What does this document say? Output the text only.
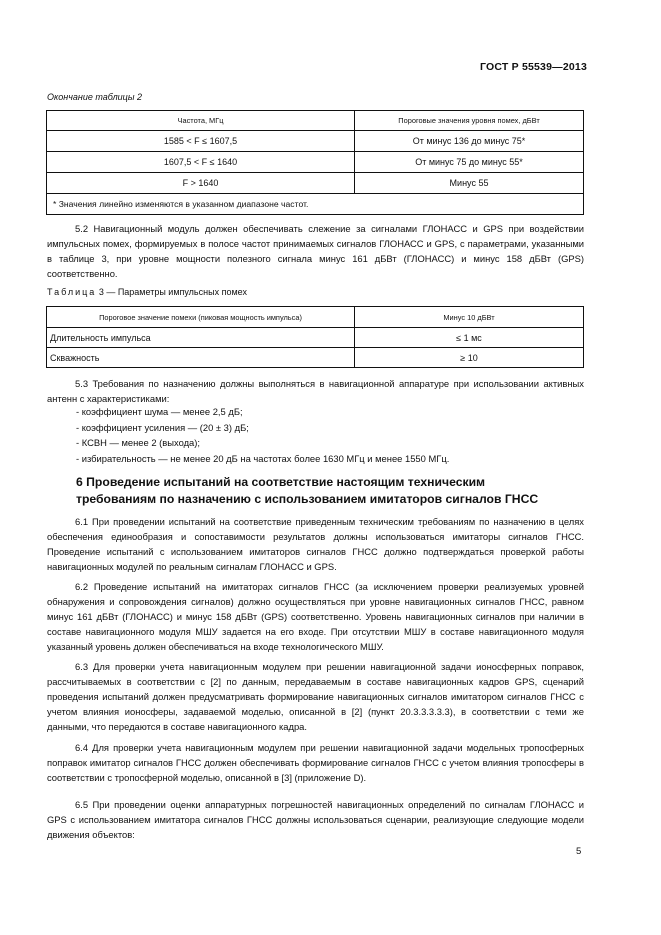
ГОСТ Р 55539—2013
Окончание таблицы 2
Частота, МГц	Пороговые значения уровня помех, дБВт
1585 < F ≤ 1607,5	От минус 136 до минус 75*
1607,5 < F ≤ 1640	От минус 75 до минус 55*
F > 1640	Минус 55
* Значения линейно изменяются в указанном диапазоне частот.	
5.2 Навигационный модуль должен обеспечивать слежение за сигналами ГЛОНАСС и GPS при воздействии импульсных помех, формируемых в полосе частот принимаемых сигналов ГЛОНАСС и GPS, с параметрами, указанными в таблице 3, при уровне мощности полезного сигнала минус 161 дБВт (ГЛОНАСС) и минус 158 дБВт (GPS) соответственно.
Таблица 3 — Параметры импульсных помех
Пороговое значение помехи (пиковая мощность импульса)	Минус 10 дБВт
Длительность импульса	≤ 1 мс
Скважность	≥ 10
5.3 Требования по назначению должны выполняться в навигационной аппаратуре при использовании активных антенн с характеристиками:
- коэффициент шума — менее 2,5 дБ;
- коэффициент усиления — (20 ± 3) дБ;
- КСВН — менее 2 (выхода);
- избирательность — не менее 20 дБ на частотах более 1630 МГц и менее 1550 МГц.
6 Проведение испытаний на соответствие настоящим техническим
требованиям по назначению с использованием имитаторов сигналов ГНСС
6.1 При проведении испытаний на соответствие приведенным техническим требованиям по назначению в целях обеспечения единообразия и сопоставимости результатов должны использоваться имитаторы сигналов ГНСС. Проведение испытаний с использованием имитаторов сигналов ГНСС должно подтверждаться проверкой работы навигационных модулей по реальным сигналам ГЛОНАСС и GPS.
6.2 Проведение испытаний на имитаторах сигналов ГНСС (за исключением проверки реализуемых уровней обнаружения и сопровождения сигналов) должно осуществляться при уровне навигационных сигналов ГНСС, равном минус 161 дБВт (ГЛОНАСС) и минус 158 дБВт (GPS) соответственно. Уровень навигационных сигналов при наличии в составе навигационного модуля МШУ задается на его входе. При отсутствии МШУ в составе навигационного модуля указанный уровень должен обеспечиваться на входе технологического МШУ.
6.3 Для проверки учета навигационным модулем при решении навигационной задачи ионосферных поправок, рассчитываемых в соответствии с [2] по данным, передаваемым в составе навигационных кадров GPS, сценарий проведения испытаний должен предусматривать формирование навигационных сигналов имитатором сигналов ГНСС с учетом влияния ионосферы, задаваемой моделью, описанной в [2] (пункт 20.3.3.3.3.3), в соответствии с теми же данными, что передаются в составе навигационного кадра.
6.4 Для проверки учета навигационным модулем при решении навигационной задачи модельных тропосферных поправок имитатор сигналов ГНСС должен обеспечивать формирование сигналов ГНСС с учетом влияния тропосферы в соответствии с тропосферной моделью, описанной в [3] (приложение D).
6.5 При проведении оценки аппаратурных погрешностей навигационных определений по сигналам ГЛОНАСС и GPS с использованием имитатора сигналов ГНСС должны использоваться сценарии, реализующие следующие модели движения объектов:
5
